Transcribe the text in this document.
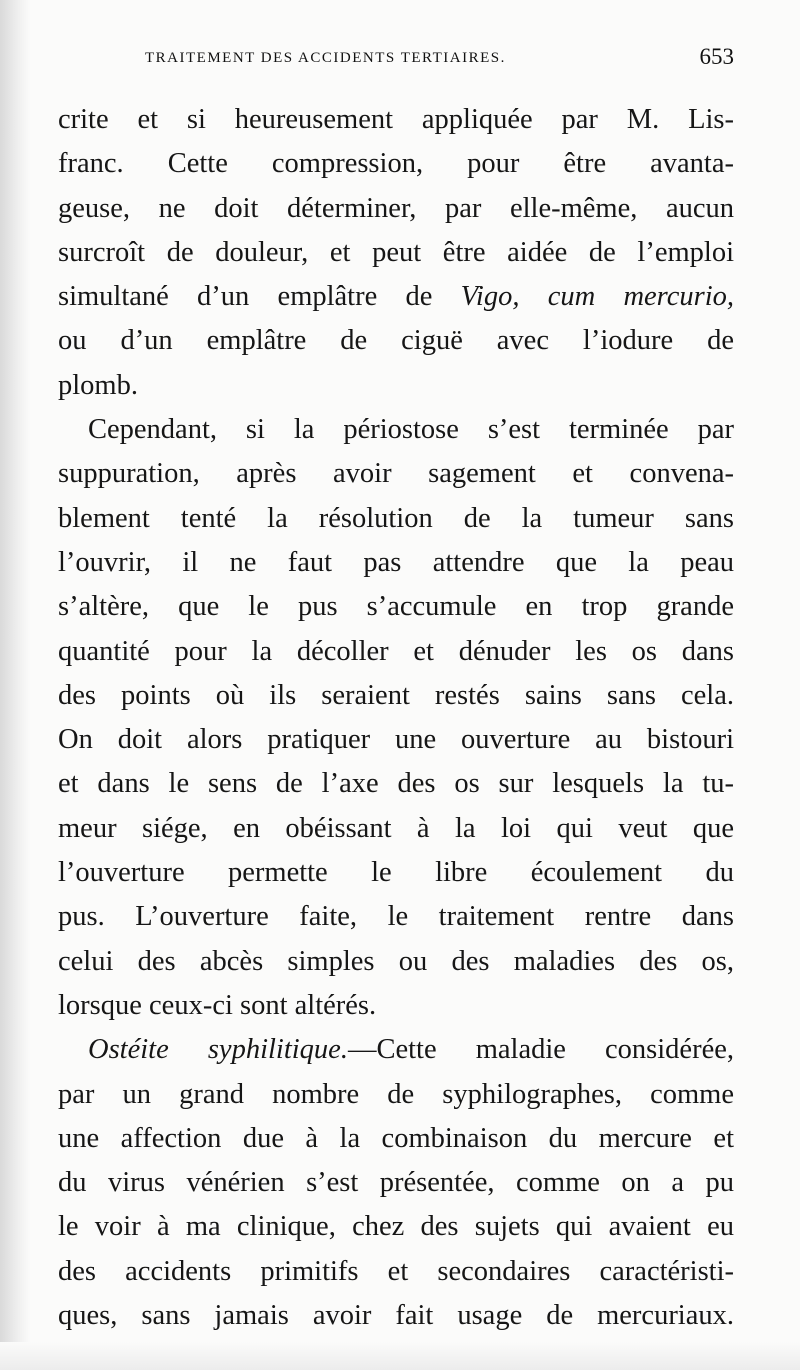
TRAITEMENT DES ACCIDENTS TERTIAIRES.	653
crite et si heureusement appliquée par M. Lis-
franc. Cette compression, pour être avanta-
geuse, ne doit déterminer, par elle-même, aucun
surcroît de douleur, et peut être aidée de l’emploi
simultané d’un emplâtre de Vigo, cum mercurio,
ou d’un emplâtre de ciguë avec l’iodure de
plomb.
Cependant, si la périostose s’est terminée par
suppuration, après avoir sagement et convena-
blement tenté la résolution de la tumeur sans
l’ouvrir, il ne faut pas attendre que la peau
s’altère, que le pus s’accumule en trop grande
quantité pour la décoller et dénuder les os dans
des points où ils seraient restés sains sans cela.
On doit alors pratiquer une ouverture au bistouri
et dans le sens de l’axe des os sur lesquels la tu-
meur siége, en obéissant à la loi qui veut que
l’ouverture permette le libre écoulement du
pus. L’ouverture faite, le traitement rentre dans
celui des abcès simples ou des maladies des os,
lorsque ceux-ci sont altérés.
Ostéite syphilitique.—Cette maladie considérée,
par un grand nombre de syphilographes, comme
une affection due à la combinaison du mercure et
du virus vénérien s’est présentée, comme on a pu
le voir à ma clinique, chez des sujets qui avaient eu
des accidents primitifs et secondaires caractéristi-
ques, sans jamais avoir fait usage de mercuriaux.
